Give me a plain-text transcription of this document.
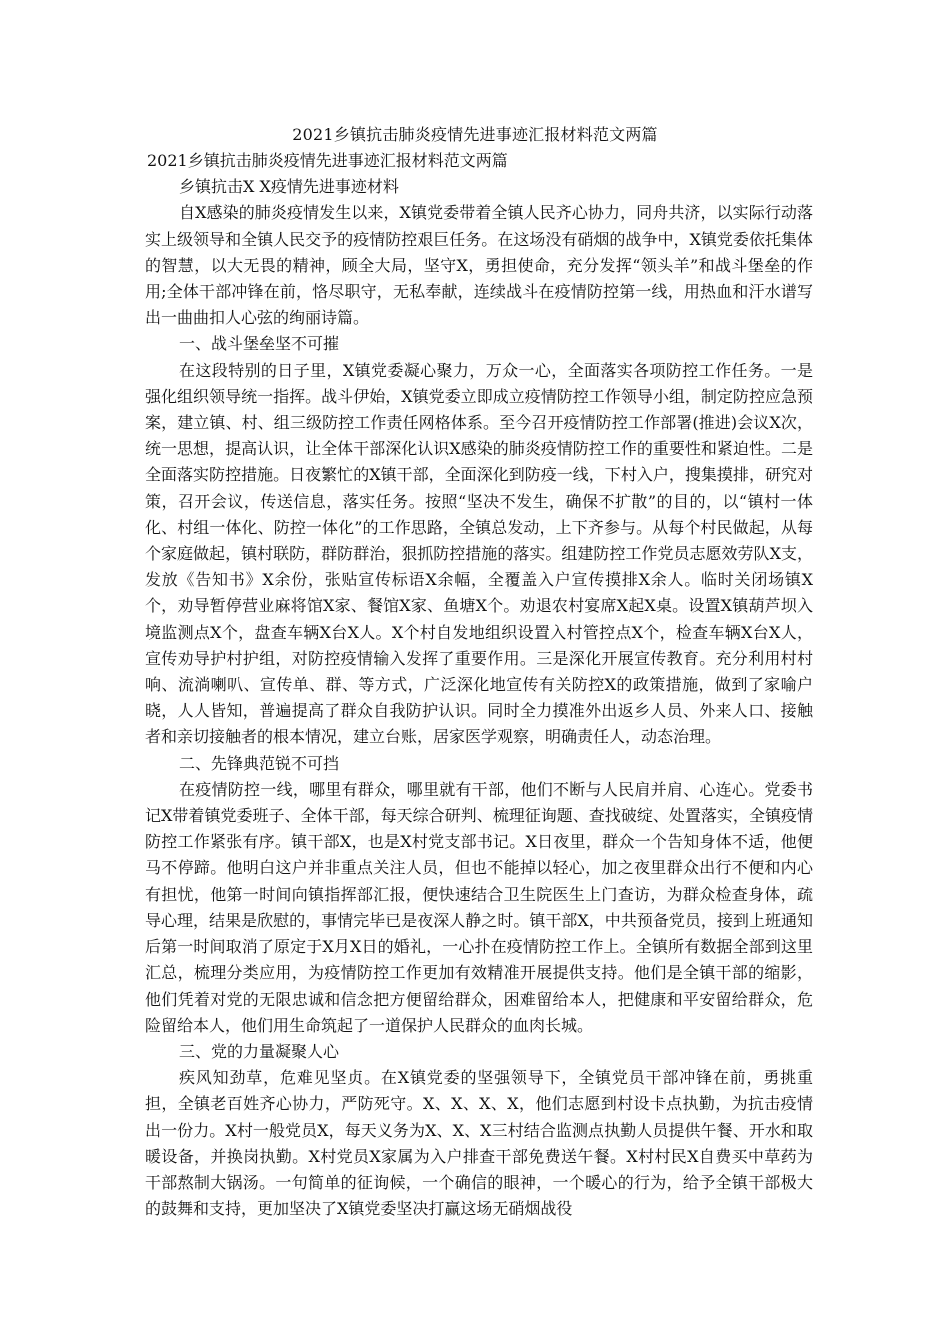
2021乡镇抗击肺炎疫情先进事迹汇报材料范文两篇

2021乡镇抗击肺炎疫情先进事迹汇报材料范文两篇

乡镇抗击X X疫情先进事迹材料

自X感染的肺炎疫情发生以来，X镇党委带着全镇人民齐心协力，同舟共济，以实际行动落实上级领导和全镇人民交予的疫情防控艰巨任务。在这场没有硝烟的战争中，X镇党委依托集体的智慧，以大无畏的精神，顾全大局，坚守X，勇担使命，充分发挥“领头羊”和战斗堡垒的作用;全体干部冲锋在前，恪尽职守，无私奉献，连续战斗在疫情防控第一线，用热血和汗水谱写出一曲曲扣人心弦的绚丽诗篇。

一、战斗堡垒坚不可摧

在这段特别的日子里，X镇党委凝心聚力，万众一心，全面落实各项防控工作任务。一是强化组织领导统一指挥。战斗伊始，X镇党委立即成立疫情防控工作领导小组，制定防控应急预案，建立镇、村、组三级防控工作责任网格体系。至今召开疫情防控工作部署(推进)会议X次，统一思想，提高认识，让全体干部深化认识X感染的肺炎疫情防控工作的重要性和紧迫性。二是全面落实防控措施。日夜繁忙的X镇干部，全面深化到防疫一线，下村入户，搜集摸排，研究对策，召开会议，传送信息，落实任务。按照“坚决不发生，确保不扩散”的目的，以“镇村一体化、村组一体化、防控一体化”的工作思路，全镇总发动，上下齐参与。从每个村民做起，从每个家庭做起，镇村联防，群防群治，狠抓防控措施的落实。组建防控工作党员志愿效劳队X支，发放《告知书》X余份，张贴宣传标语X余幅，全覆盖入户宣传摸排X余人。临时关闭场镇X个，劝导暂停营业麻将馆X家、餐馆X家、鱼塘X个。劝退农村宴席X起X桌。设置X镇葫芦坝入境监测点X个，盘查车辆X台X人。X个村自发地组织设置入村管控点X个，检查车辆X台X人，宣传劝导护村护组，对防控疫情输入发挥了重要作用。三是深化开展宣传教育。充分利用村村响、流淌喇叭、宣传单、群、等方式，广泛深化地宣传有关防控X的政策措施，做到了家喻户晓，人人皆知，普遍提高了群众自我防护认识。同时全力摸准外出返乡人员、外来人口、接触者和亲切接触者的根本情况，建立台账，居家医学观察，明确责任人，动态治理。

二、先锋典范锐不可挡

在疫情防控一线，哪里有群众，哪里就有干部，他们不断与人民肩并肩、心连心。党委书记X带着镇党委班子、全体干部，每天综合研判、梳理征询题、查找破绽、处置落实，全镇疫情防控工作紧张有序。镇干部X，也是X村党支部书记。X日夜里，群众一个告知身体不适，他便马不停蹄。他明白这户并非重点关注人员，但也不能掉以轻心，加之夜里群众出行不便和内心有担忧，他第一时间向镇指挥部汇报，便快速结合卫生院医生上门查访，为群众检查身体，疏导心理，结果是欣慰的，事情完毕已是夜深人静之时。镇干部X，中共预备党员，接到上班通知后第一时间取消了原定于X月X日的婚礼，一心扑在疫情防控工作上。全镇所有数据全部到这里汇总，梳理分类应用，为疫情防控工作更加有效精准开展提供支持。他们是全镇干部的缩影，他们凭着对党的无限忠诚和信念把方便留给群众，困难留给本人，把健康和平安留给群众，危险留给本人，他们用生命筑起了一道保护人民群众的血肉长城。

三、党的力量凝聚人心

疾风知劲草，危难见坚贞。在X镇党委的坚强领导下，全镇党员干部冲锋在前，勇挑重担，全镇老百姓齐心协力，严防死守。X、X、X、X，他们志愿到村设卡点执勤，为抗击疫情出一份力。X村一般党员X，每天义务为X、X、X三村结合监测点执勤人员提供午餐、开水和取暖设备，并换岗执勤。X村党员X家属为入户排查干部免费送午餐。X村村民X自费买中草药为干部熬制大锅汤。一句简单的征询候，一个确信的眼神，一个暖心的行为，给予全镇干部极大的鼓舞和支持，更加坚决了X镇党委坚决打赢这场无硝烟战役
